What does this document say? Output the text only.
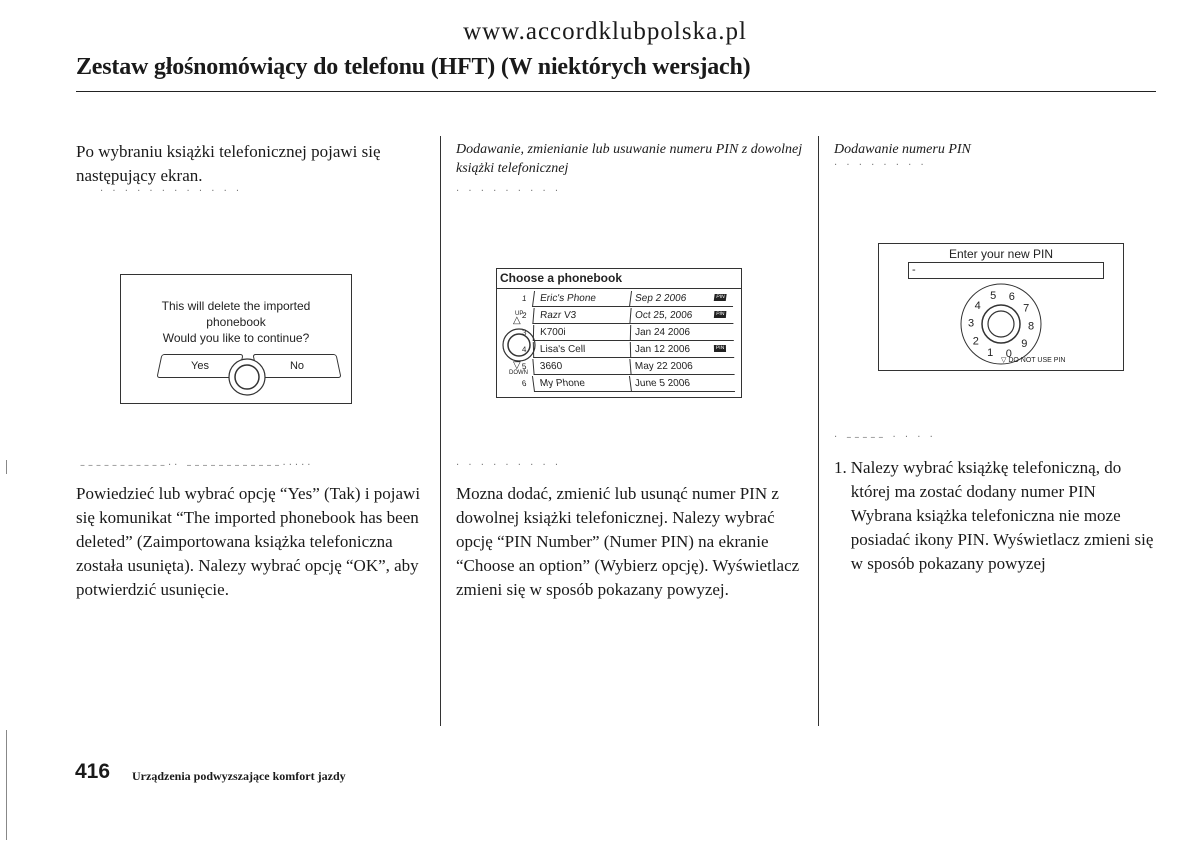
www.accordklubpolska.pl
Zestaw głośnomówiący do telefonu (HFT) (W niektórych wersjach)
Po wybraniu książki telefonicznej pojawi się następujący ekran.
· · · · · · · · · · · ·
This will delete the imported
phonebook
Would you like to continue?
Yes	No
–––––––––––·· ––––––––––––·····
Powiedzieć lub wybrać opcję “Yes” (Tak) i pojawi się komunikat “The imported phonebook has been deleted” (Zaimportowana książka telefoniczna została usunięta). Nalezy wybrać opcję “OK”, aby potwierdzić usunięcie.
Dodawanie, zmienianie lub usuwanie numeru PIN z dowolnej książki telefonicznej
· · · · · · · · ·
Choose a phonebook
UP
△
▽
DOWN
1 Eric's Phone	Sep 2 2006	PIN
2 Razr V3	Oct 25, 2006	PIN
3 K700i	Jan 24 2006
4 Lisa's Cell	Jan 12 2006	PIN
5 3660	May 22 2006
6 My Phone	June 5 2006
· · · · · · · · ·
Mozna dodać, zmienić lub usunąć numer PIN z dowolnej książki telefonicznej. Nalezy wybrać opcję “PIN Number” (Numer PIN) na ekranie “Choose an option” (Wybierz opcję). Wyświetlacz zmieni się w sposób pokazany powyzej.
Dodawanie numeru PIN
· · · · · · · ·
Enter your new PIN
-
5 6
7
8
9
0
1
2
3
4
▽ DO NOT USE PIN
· ––––– · · · ·
1. Nalezy wybrać książkę telefoniczną, do której ma zostać dodany numer PIN Wybrana książka telefoniczna nie moze posiadać ikony PIN. Wyświetlacz zmieni się w sposób pokazany powyzej
416 Urządzenia podwyzszające komfort jazdy
